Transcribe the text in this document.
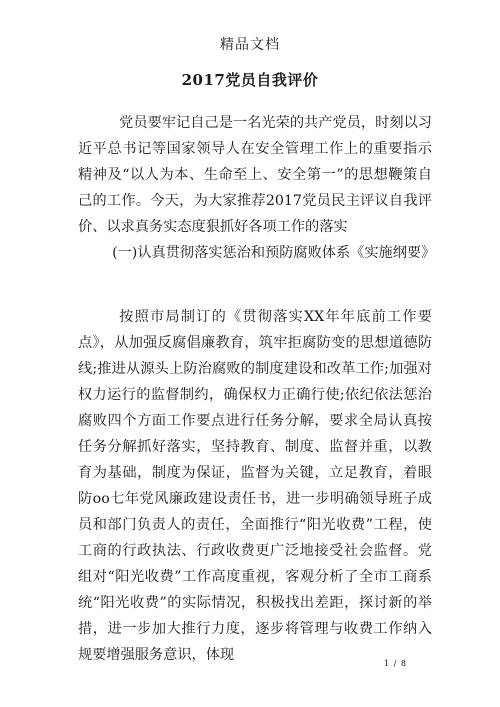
精品文档
2017党员自我评价

党员要牢记自己是一名光荣的共产党员，时刻以习近平总书记等国家领导人在安全管理工作上的重要指示精神及“以人为本、生命至上、安全第一”的思想鞭策自己的工作。今天，为大家推荐2017党员民主评议自我评价、以求真务实态度狠抓好各项工作的落实

(一)认真贯彻落实惩治和预防腐败体系《实施纲要》

按照市局制订的《贯彻落实XX年年底前工作要点》，从加强反腐倡廉教育，筑牢拒腐防变的思想道德防线;推进从源头上防治腐败的制度建设和改革工作;加强对权力运行的监督制约，确保权力正确行使;依纪依法惩治腐败四个方面工作要点进行任务分解，要求全局认真按任务分解抓好落实，坚持教育、制度、监督并重，以教育为基础，制度为保证，监督为关键，立足教育，着眼防oo七年党风廉政建设责任书，进一步明确领导班子成员和部门负责人的责任，全面推行“阳光收费”工程，使工商的行政执法、行政收费更广泛地接受社会监督。党组对“阳光收费”工作高度重视，客观分析了全市工商系统“阳光收费”的实际情况，积极找出差距，探讨新的举措，进一步加大推行力度，逐步将管理与收费工作纳入规要增强服务意识，体现

1 / 8
